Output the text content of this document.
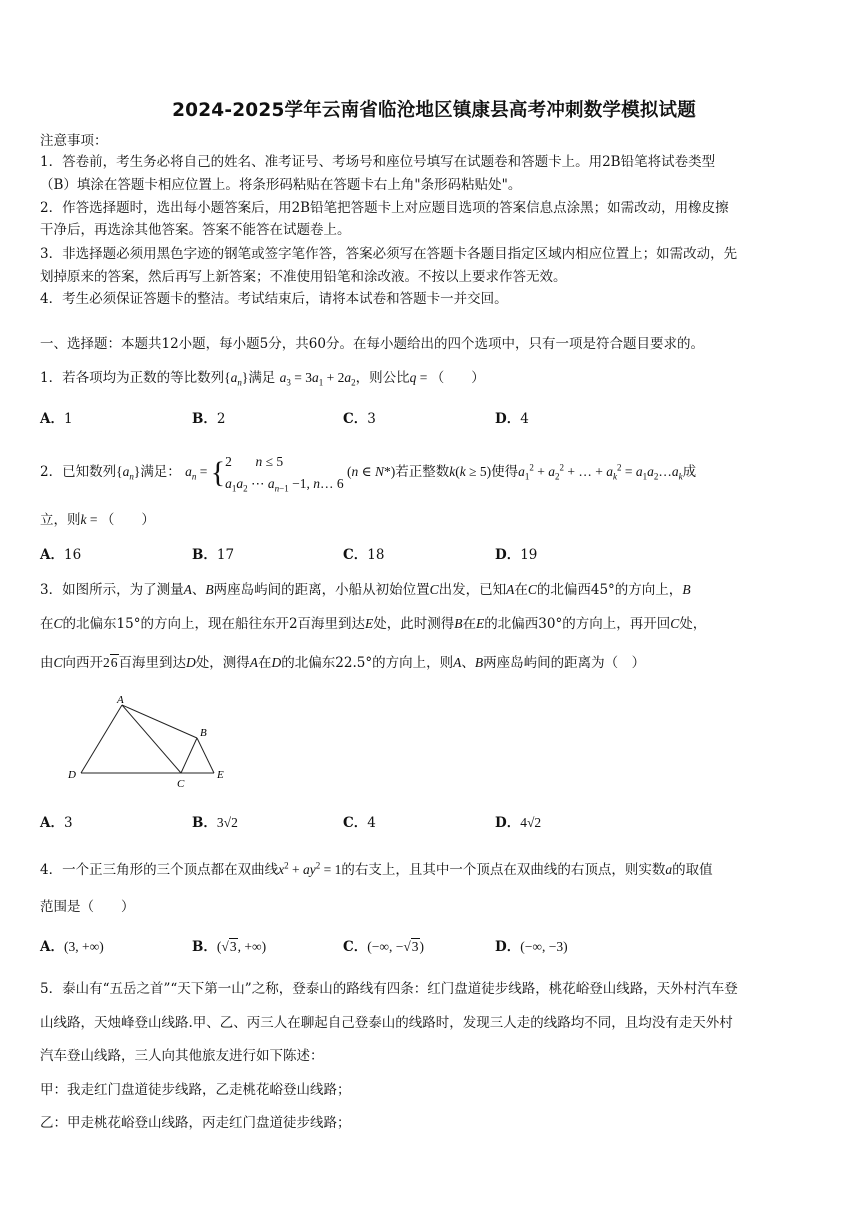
2024-2025学年云南省临沧地区镇康县高考冲刺数学模拟试题
注意事项：
1．答卷前，考生务必将自己的姓名、准考证号、考场号和座位号填写在试题卷和答题卡上。用2B铅笔将试卷类型
（B）填涂在答题卡相应位置上。将条形码粘贴在答题卡右上角"条形码粘贴处"。
2．作答选择题时，选出每小题答案后，用2B铅笔把答题卡上对应题目选项的答案信息点涂黑；如需改动，用橡皮擦
干净后，再选涂其他答案。答案不能答在试题卷上。
3．非选择题必须用黑色字迹的钢笔或签字笔作答，答案必须写在答题卡各题目指定区域内相应位置上；如需改动，先
划掉原来的答案，然后再写上新答案；不准使用铅笔和涂改液。不按以上要求作答无效。
4．考生必须保证答题卡的整洁。考试结束后，请将本试卷和答题卡一并交回。
一、选择题：本题共12小题，每小题5分，共60分。在每小题给出的四个选项中，只有一项是符合题目要求的。
1．若各项均为正数的等比数列$\{a_n\}$满足 $a_3 = 3a_1 + 2a_2$，则公比q = （　　）
A．1	B．2	C．3	D．4
2．已知数列$\{a_n\}$满足： $a_n = \{2$       n ≤ 5
$a_1a_2$ ⋯ $a_{n-1} -1$, n… 6 (n ∈ N*)若正整数k(k ≥ 5)使得$a_1^2 + a_2^2$ + … + $a_k^2$ = $a_1a_2\dots a_k$成
立，则k = （　　）
A．16	B．17	C．18	D．19
3．如图所示，为了测量A、B两座岛屿间的距离，小船从初始位置C出发，已知A在C的北偏西45°的方向上，B
在C的北偏东15°的方向上，现在船往东开2百海里到达E处，此时测得B在E的北偏西30°的方向上，再开回C处，
由C向西开26百海里到达D处，测得A在D的北偏东22.5°的方向上，则A、B两座岛屿间的距离为（　）
A
B
C
D	E
A．3	B．3√2	C．4	D．4√2
4．一个正三角形的三个顶点都在双曲线$x^2 + ay^2 = 1$的右支上，且其中一个顶点在双曲线的右顶点，则实数a的取值
范围是（　　）
A．(3, +∞)	B．(√3, +∞)	C．(−∞, −√3)	D．(−∞, −3)
5．泰山有“五岳之首”“天下第一山”之称，登泰山的路线有四条：红门盘道徒步线路，桃花峪登山线路，天外村汽车登
山线路，天烛峰登山线路.甲、乙、丙三人在聊起自己登泰山的线路时，发现三人走的线路均不同，且均没有走天外村
汽车登山线路，三人向其他旅友进行如下陈述：
甲：我走红门盘道徒步线路，乙走桃花峪登山线路；
乙：甲走桃花峪登山线路，丙走红门盘道徒步线路；
